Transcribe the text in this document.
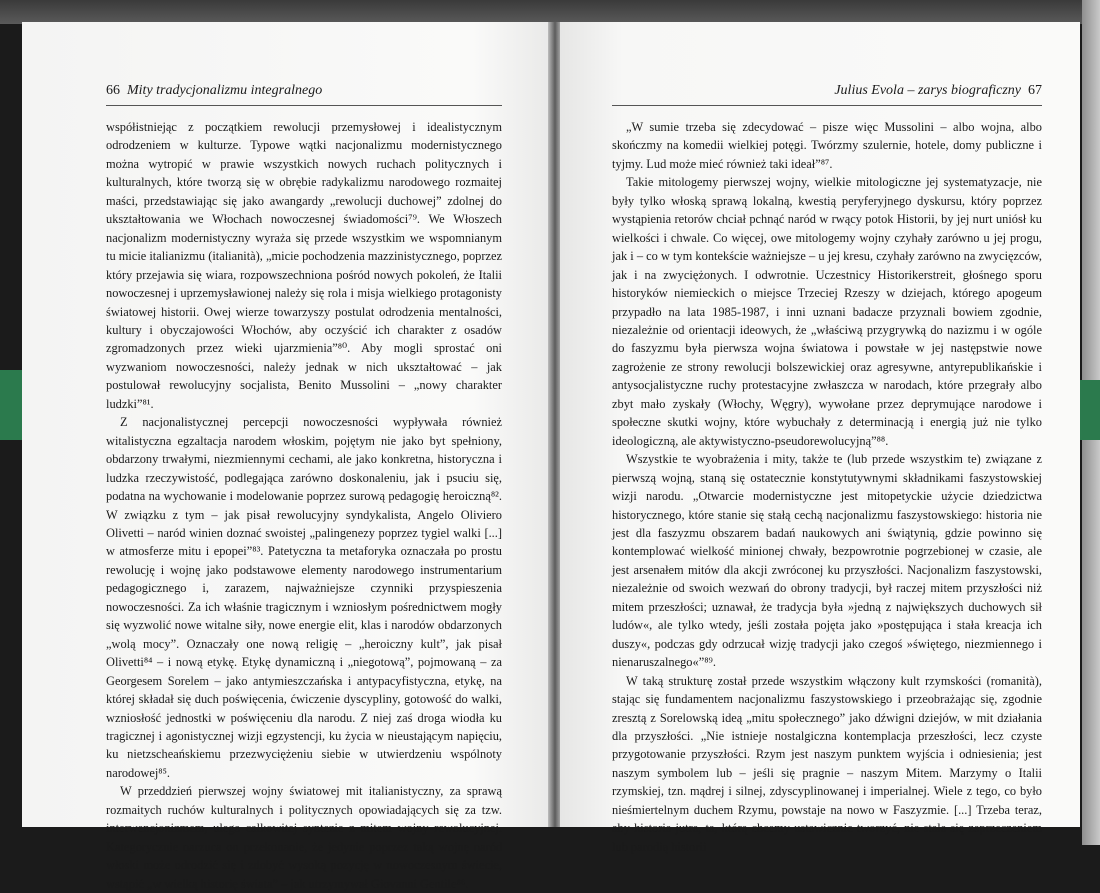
66 Mity tradycjonalizmu integralnego

współistniejąc z początkiem rewolucji przemysłowej i idealistycznym odrodzeniem w kulturze. Typowe wątki nacjonalizmu modernistycznego można wytropić w prawie wszystkich nowych ruchach politycznych i kulturalnych, które tworzą się w obrębie radykalizmu narodowego rozmaitej maści, przedstawiając się jako awangardy „rewolucji duchowej” zdolnej do ukształtowania we Włochach nowoczesnej świadomości⁷⁹. We Włoszech nacjonalizm modernistyczny wyraża się przede wszystkim we wspomnianym tu micie italianizmu (italianità), „micie pochodzenia mazzinistycznego, poprzez który przejawia się wiara, rozpowszechniona pośród nowych pokoleń, że Italii nowoczesnej i uprzemysławionej należy się rola i misja wielkiego protagonisty światowej historii. Owej wierze towarzyszy postulat odrodzenia mentalności, kultury i obyczajowości Włochów, aby oczyścić ich charakter z osadów zgromadzonych przez wieki ujarzmienia”⁸⁰. Aby mogli sprostać oni wyzwaniom nowoczesności, należy jednak w nich ukształtować – jak postulował rewolucyjny socjalista, Benito Mussolini – „nowy charakter ludzki”⁸¹.

Z nacjonalistycznej percepcji nowoczesności wypływała również witalistyczna egzaltacja narodem włoskim, pojętym nie jako byt spełniony, obdarzony trwałymi, niezmiennymi cechami, ale jako konkretna, historyczna i ludzka rzeczywistość, podlegająca zarówno doskonaleniu, jak i psuciu się, podatna na wychowanie i modelowanie poprzez surową pedagogię heroiczną⁸². W związku z tym – jak pisał rewolucyjny syndykalista, Angelo Oliviero Olivetti – naród winien doznać swoistej „palingenezy poprzez tygiel walki [...] w atmosferze mitu i epopei”⁸³. Patetyczna ta metaforyka oznaczała po prostu rewolucję i wojnę jako podstawowe elementy narodowego instrumentarium pedagogicznego i, zarazem, najważniejsze czynniki przyspieszenia nowoczesności. Za ich właśnie tragicznym i wzniosłym pośrednictwem mogły się wyzwolić nowe witalne siły, nowe energie elit, klas i narodów obdarzonych „wolą mocy”. Oznaczały one nową religię – „heroiczny kult”, jak pisał Olivetti⁸⁴ – i nową etykę. Etykę dynamiczną i „niegotową”, pojmowaną – za Georgesem Sorelem – jako antymieszczańska i antypacyfistyczna, etykę, na której składał się duch poświęcenia, ćwiczenie dyscypliny, gotowość do walki, wzniosłość jednostki w poświęceniu dla narodu. Z niej zaś droga wiodła ku tragicznej i agonistycznej wizji egzystencji, ku życia w nieustającym napięciu, ku nietzscheańskiemu przezwyciężeniu siebie w utwierdzeniu wspólnoty narodowej⁸⁵.

W przeddzień pierwszej wojny światowej mit italianistyczny, za sprawą rozmaitych ruchów kulturalnych i politycznych opowiadających się za tzw. interwencjonizmem, ulega całkowitej syntezie z mitem wojny rewolucyjnej. Kategorycznie narzuca on przekonanie, że jedynie poprzez taką wojnę naród włoski może odrodzić się i zdobyć wysoką pozycję w nowoczesnym świecie, wstąpić „w wielką historię świata” – jak utrzymywał Giovanni Gentile⁸⁶.

Julius Evola – zarys biograficzny 67

„W sumie trzeba się zdecydować – pisze więc Mussolini – albo wojna, albo skończmy na komedii wielkiej potęgi. Twórzmy szulernie, hotele, domy publiczne i tyjmy. Lud może mieć również taki ideał”⁸⁷.

Takie mitologemy pierwszej wojny, wielkie mitologiczne jej systematyzacje, nie były tylko włoską sprawą lokalną, kwestią peryferyjnego dyskursu, który poprzez wystąpienia retorów chciał pchnąć naród w rwący potok Historii, by jej nurt uniósł ku wielkości i chwale. Co więcej, owe mitologemy wojny czyhały zarówno u jej progu, jak i – co w tym kontekście ważniejsze – u jej kresu, czyhały zarówno na zwycięzców, jak i na zwyciężonych. I odwrotnie. Uczestnicy Historikerstreit, głośnego sporu historyków niemieckich o miejsce Trzeciej Rzeszy w dziejach, którego apogeum przypadło na lata 1985-1987, i inni uznani badacze przyznali bowiem zgodnie, niezależnie od orientacji ideowych, że „właściwą przygrywką do nazizmu i w ogóle do faszyzmu była pierwsza wojna światowa i powstałe w jej następstwie nowe zagrożenie ze strony rewolucji bolszewickiej oraz agresywne, antyrepublikańskie i antysocjalistyczne ruchy protestacyjne zwłaszcza w narodach, które przegrały albo zbyt mało zyskały (Włochy, Węgry), wywołane przez deprymujące narodowe i społeczne skutki wojny, które wybuchały z determinacją i energią już nie tylko ideologiczną, ale aktywistyczno-pseudorewolucyjną”⁸⁸.

Wszystkie te wyobrażenia i mity, także te (lub przede wszystkim te) związane z pierwszą wojną, staną się ostatecznie konstytutywnymi składnikami faszystowskiej wizji narodu. „Otwarcie modernistyczne jest mitopetyckie użycie dziedzictwa historycznego, które stanie się stałą cechą nacjonalizmu faszystowskiego: historia nie jest dla faszyzmu obszarem badań naukowych ani świątynią, gdzie powinno się kontemplować wielkość minionej chwały, bezpowrotnie pogrzebionej w czasie, ale jest arsenałem mitów dla akcji zwróconej ku przyszłości. Nacjonalizm faszystowski, niezależnie od swoich wezwań do obrony tradycji, był raczej mitem przyszłości niż mitem przeszłości; uznawał, że tradycja była »jedną z największych duchowych sił ludów«, ale tylko wtedy, jeśli została pojęta jako »postępująca i stała kreacja ich duszy«, podczas gdy odrzucał wizję tradycji jako czegoś »świętego, niezmiennego i nienaruszalnego«”⁸⁹.

W taką strukturę został przede wszystkim włączony kult rzymskości (romanità), stając się fundamentem nacjonalizmu faszystowskiego i przeobrażając się, zgodnie zresztą z Sorelowską ideą „mitu społecznego” jako dźwigni dziejów, w mit działania dla przyszłości. „Nie istnieje nostalgiczna kontemplacja przeszłości, lecz czyste przygotowanie przyszłości. Rzym jest naszym punktem wyjścia i odniesienia; jest naszym symbolem lub – jeśli się pragnie – naszym Mitem. Marzymy o Italii rzymskiej, tzn. mądrej i silnej, zdyscyplinowanej i imperialnej. Wiele z tego, co było nieśmiertelnym duchem Rzymu, powstaje na nowo w Faszyzmie. [...] Trzeba teraz, aby historia jutra, ta, którą chcemy ustawicznie tworzyć, nie stała się zaprzeczeniem lub parodią historii
